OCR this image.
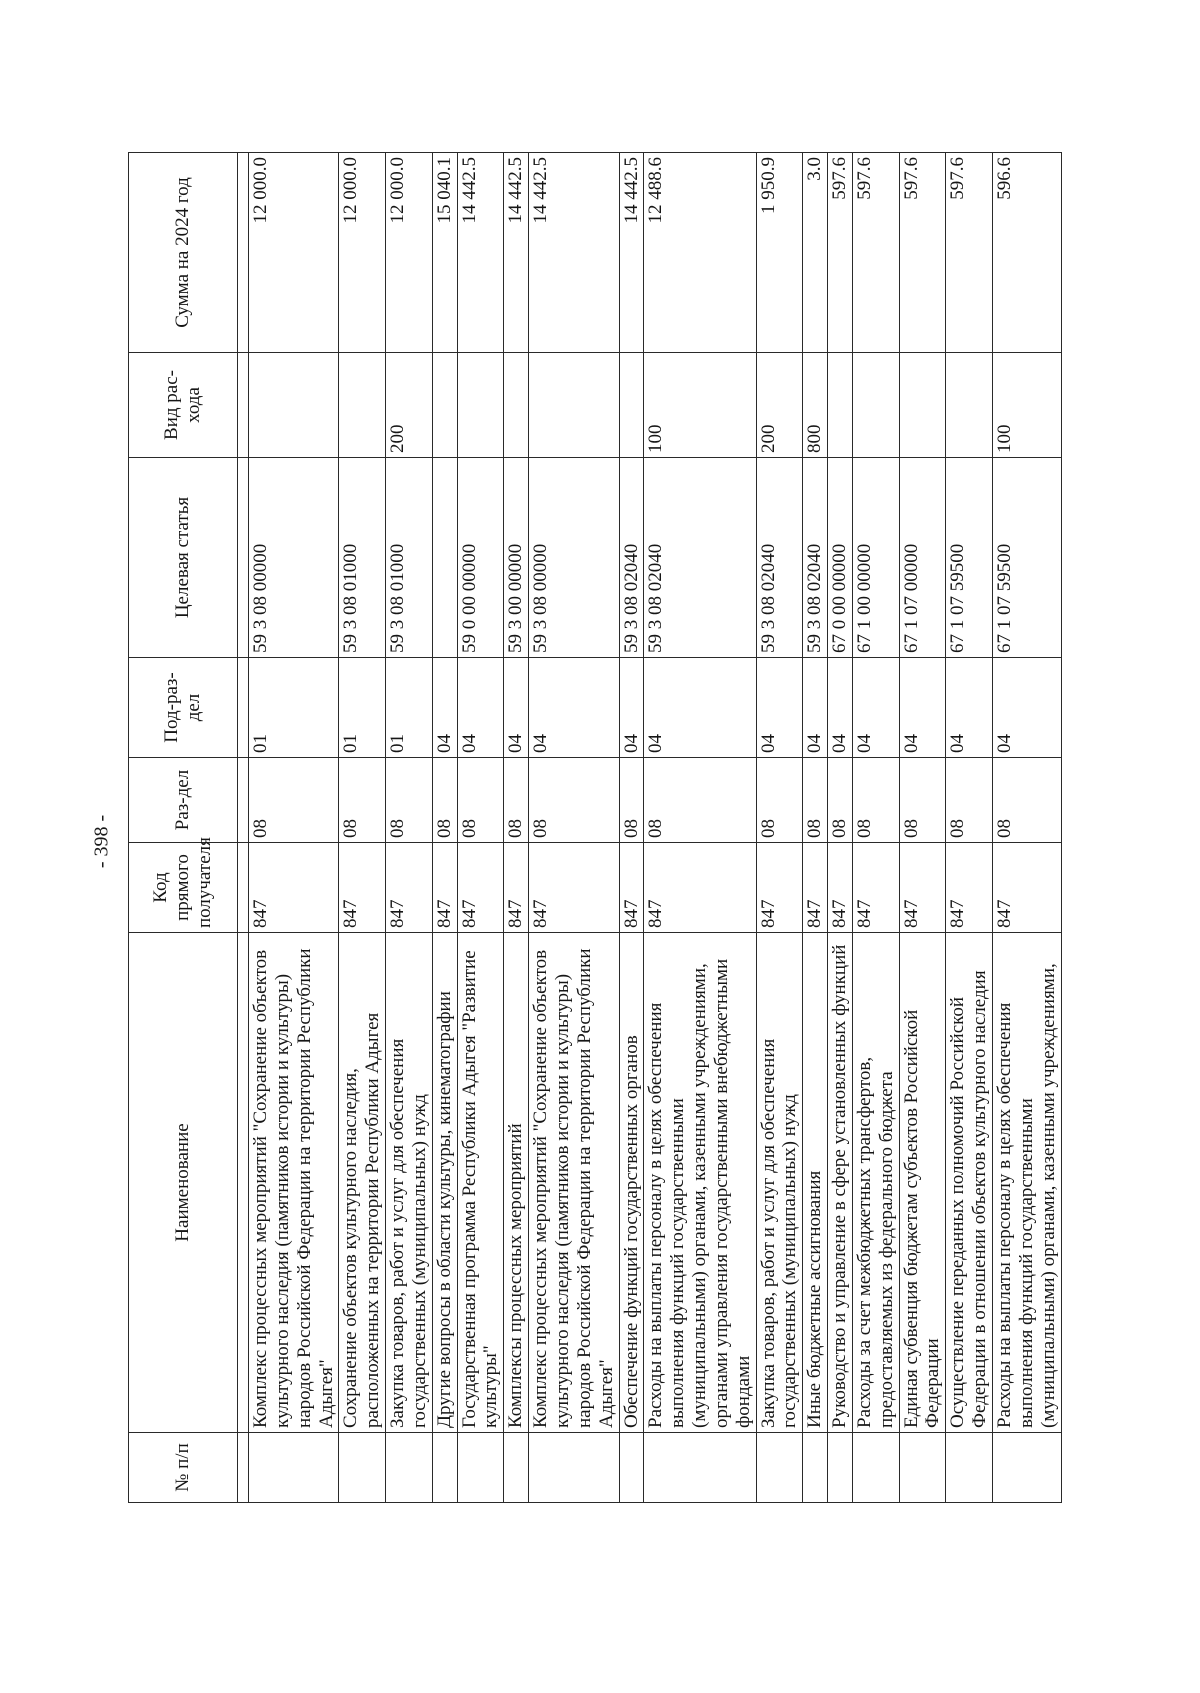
- 398 -
№ п/п	Наименование	Код прямого получателя	Раз-дел	Под-раз-дел	Целевая статья	Вид рас-хода	Сумма на 2024 год

	Комплекс процессных мероприятий "Сохранение объектов культурного наследия (памятников истории и культуры) народов Российской Федерации на территории Республики Адыгея"	847	08	01	59 3 08 00000		12 000.0
	Сохранение объектов культурного наследия, расположенных на территории Республики Адыгея	847	08	01	59 3 08 01000		12 000.0
	Закупка товаров, работ и услуг для обеспечения государственных (муниципальных) нужд	847	08	01	59 3 08 01000	200	12 000.0
	Другие вопросы в области культуры, кинематографии	847	08	04			15 040.1
	Государственная программа Республики Адыгея "Развитие культуры"	847	08	04	59 0 00 00000		14 442.5
	Комплексы процессных мероприятий	847	08	04	59 3 00 00000		14 442.5
	Комплекс процессных мероприятий "Сохранение объектов культурного наследия (памятников истории и культуры) народов Российской Федерации на территории Республики Адыгея"	847	08	04	59 3 08 00000		14 442.5
	Обеспечение функций государственных органов	847	08	04	59 3 08 02040		14 442.5
	Расходы на выплаты персоналу в целях обеспечения выполнения функций государственными (муниципальными) органами, казенными учреждениями, органами управления государственными внебюджетными фондами	847	08	04	59 3 08 02040	100	12 488.6
	Закупка товаров, работ и услуг для обеспечения государственных (муниципальных) нужд	847	08	04	59 3 08 02040	200	1 950.9
	Иные бюджетные ассигнования	847	08	04	59 3 08 02040	800	3.0
	Руководство и управление в сфере установленных функций	847	08	04	67 0 00 00000		597.6
	Расходы за счет межбюджетных трансфертов, предоставляемых из федерального бюджета	847	08	04	67 1 00 00000		597.6
	Единая субвенция бюджетам субъектов Российской Федерации	847	08	04	67 1 07 00000		597.6
	Осуществление переданных полномочий Российской Федерации в отношении объектов культурного наследия	847	08	04	67 1 07 59500		597.6
	Расходы на выплаты персоналу в целях обеспечения выполнения функций государственными (муниципальными) органами, казенными учреждениями,	847	08	04	67 1 07 59500	100	596.6
